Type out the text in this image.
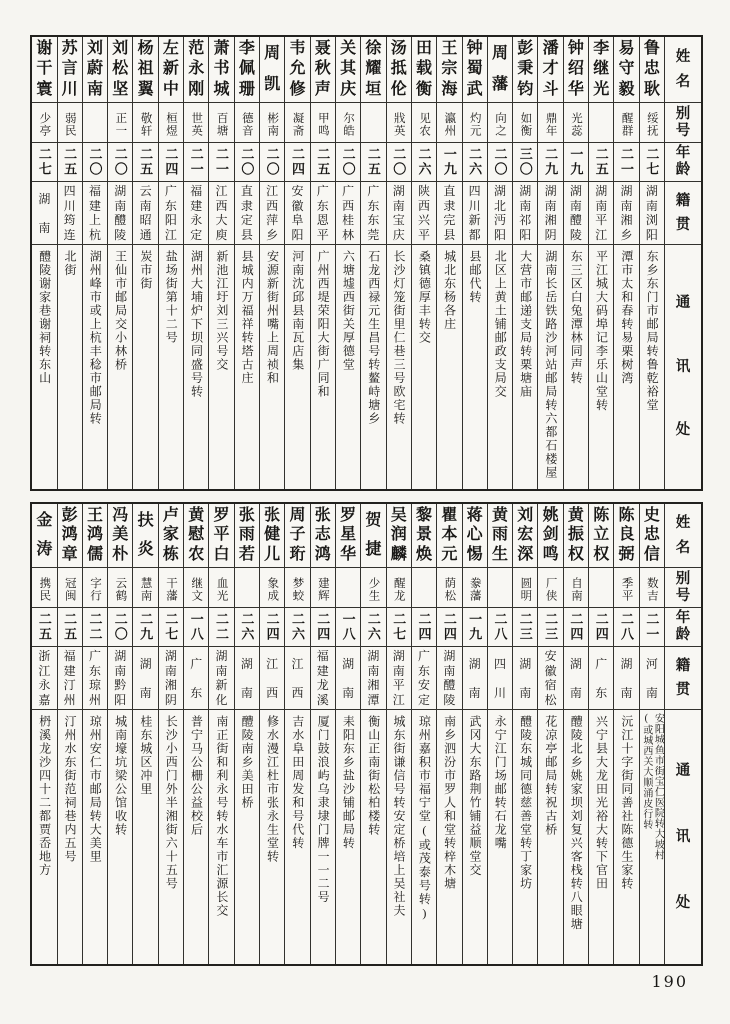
姓
名
别
号
年
龄
籍
贯
通
讯
处
鲁
忠
耿
绥抚
二七
湖
南
浏
阳
东乡东门市邮局转鲁乾裕堂
易
守
毅
醒群
二一
湖
南
湘
乡
潭市太和春转易栗树湾
李
继
光
二五
湖
南
平
江
平江城大码埠记李乐山堂转
钟
绍
华
光蕊
一九
湖
南
醴
陵
东三区白兔潭林同声转
潘
才
斗
鼎年
二九
湖
南
湘
阴
湖南长岳铁路沙河站邮局转六都石楼屋
彭
秉
钧
如衡
三〇
湖
南
祁
阳
大营市邮递支局转栗塘庙
周
藩
向之
二〇
湖
北
沔
阳
北区上黄土铺邮政支局交
钟
蜀
武
灼元
二六
四
川
新
都
县邮代转
王
宗
海
瀛州
一九
直
隶
完
县
城北东杨各庄
田
载
衡
见农
二六
陕
西
兴
平
桑镇德厚丰转交
汤
抵
伦
戕英
二〇
湖
南
宝
庆
长沙灯笼街里仁巷三号欧宅转
徐
耀
垣
二五
广
东
东
莞
石龙西禄元生昌号转鳌峙塘乡
关
其
庆
尔皓
二〇
广
西
桂
林
六塘墟西街关厚德堂
聂
秋
声
甲鸣
二五
广
东
恩
平
广州西堤荣阳大街广同和
韦
允
修
凝斋
二四
安
徽
阜
阳
河南沈邱县南瓦店集
周
凯
彬南
二〇
江
西
萍
乡
安源新街州嘴上周祯和
李
佩
珊
德音
二〇
直
隶
定
县
县城内万福祥转塔古庄
萧
书
城
百塘
二一
江
西
大
庾
新池江圩刘三兴号交
范
永
刚
世英
二一
福
建
永
定
湖州大埔炉下坝同盛号转
左
新
中
桓煜
二四
广
东
阳
江
盐场街第十二号
杨
祖
翼
敬轩
二五
云
南
昭
通
炭市街
刘
松
坚
正一
二〇
湖
南
醴
陵
王仙市邮局交小林桥
刘
蔚
南
二〇
福
建
上
杭
湖州峰市或上杭丰稔市邮局转
苏
言
川
弱民
二五
四
川
筠
连
北街
谢
干
寰
少亭
二七
湖
南
醴陵谢家巷谢祠转东山
姓
名
别
号
年
龄
籍
贯
通
讯
处
史
忠
信
数吉
二一
河
南
安阳城鱼市街宝仁医院转大坡村
(或城西关大顺涌皮行转
陈
良
弼
季平
二八
湖
南
沅江十字街同善社陈德生家转
陈
立
权
二四
广
东
兴宁县大龙田光裕大转下官田
黄
振
权
自南
二四
湖
南
醴陵北乡姚家坝刘复兴客栈转八眼塘
姚
剑
鸣
厂侠
二三
安
徽
宿
松
花凉亭邮局转祝古桥
刘
宏
深
圆明
二三
湖
南
醴陵东城同德慈善堂转丁家坊
黄
雨
生
二八
四
川
永宁江门场邮转石龙嘴
蒋
心
惕
豢藩
一九
湖
南
武冈大东路荆竹铺益顺堂交
瞿
本
元
荫松
二四
湖
南
醴
陵
南乡泗汾市罗人和堂转梓木塘
黎
景
焕
二四
广
东
安
定
琼州嘉积市福宁堂(或茂泰号转)
吴
润
麟
醒龙
二七
湖
南
平
江
城东街谦信号转安定桥培上吴社夫
贺
捷
少生
二六
湖
南
湘
潭
衡山正南街松柏楼转
罗
星
华
一八
湖
南
耒阳东乡盐沙铺邮局转
张
志
鸿
建辉
二四
福
建
龙
溪
厦门鼓浪屿乌隶埭门牌一一二号
周
子
珩
梦蛟
二六
江
西
吉水阜田周发和号代转
张
健
儿
象成
二四
江
西
修水漫江杜市张永生堂转
张
雨
若
二六
湖
南
醴陵南乡美田桥
罗
平
白
血光
二二
湖
南
新
化
南正街和利永号转水车市汇源长交
黄
慰
农
继文
一八
广
东
普宁马公栅公益校后
卢
家
栋
干藩
二七
湖
南
湘
阴
长沙小西门外半湘街六十五号
扶
炎
慧南
二九
湖
南
桂东城区冲里
冯
美
朴
云鹤
二〇
湖
南
黔
阳
城南壕坑梁公馆收转
王
鸿
儒
字行
二二
广
东
琼
州
琼州安仁市邮局转大美里
彭
鸿
章
冠闽
二五
福
建
汀
州
汀州水东街范祠巷内五号
金
涛
携民
二五
浙
江
永
嘉
枬溪龙沙四十二都贾岙地方
190
